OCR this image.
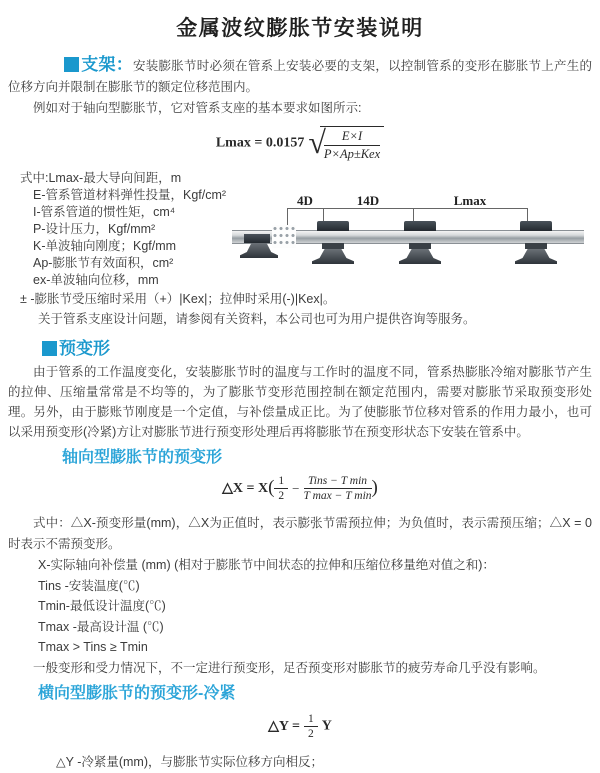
金属波纹膨胀节安装说明

支架：安装膨胀节时必须在管系上安装必要的支架，以控制管系的变形在膨胀节上产生的位移方向并限制在膨胀节的额定位移范围内。

例如对于轴向型膨胀节，它对管系支座的基本要求如图所示:

Lmax = 0.0157 √
$\frac{E\times I}{\text{P×Ap±Kex}}$
式中:Lmax-最大导向间距，m
E-管系管道材料弹性投量，Kgf/cm²
I-管系管道的惯性矩，cm⁴
P-设计压力，Kgf/mm²
K-单波轴向刚度；Kgf/mm
Ap-膨胀节有效面积，cm²
ex-单波轴向位移，mm
± -膨胀节受压缩时采用（+）|Kex|；拉伸时采用(-)|Kex|。
关于管系支座设计问题，请参阅有关资料，本公司也可为用户提供咨询等服务。
4D	14D	Lmax
预变形

由于管系的工作温度变化，安装膨胀节时的温度与工作时的温度不同，管系热膨胀冷缩对膨胀节产生的拉伸、压缩量常常是不均等的，为了膨胀节变形范围控制在额定范围内，需要对膨胀节采取预变形处理。另外，由于膨账节刚度是一个定值，与补偿量成正比。为了使膨胀节位移对管系的作用力最小，也可以采用预变形(冷紧)方让对膨胀节进行预变形处理后再将膨胀节在预变形状态下安装在管系中。

轴向型膨胀节的预变形
△X = $X( \frac{1}{2} - \frac{\text{Tins − T min}}{\text{T max − T min}}$ )

式中：△X-预变形量(mm)，△X为正值时，表示膨张节需预拉伸；为负值时，表示需预压缩；△X = 0时表示不需预变形。

X-实际轴向补偿量 (mm) (相对于膨胀节中间状态的拉伸和压缩位移量绝对值之和)：
Tins -安装温度(℃)
Tmin-最低设计温度(℃)
Tmax -最高设计温 (℃)
Tmax > Tins ≥ Tmin

一般变形和受力情况下，不一定进行预变形，足否预变形对膨胀节的疲劳寿命几乎没有影响。

横向型膨胀节的预变形-冷紧
△Y = $\frac{1}{2}$ Y
△Y -冷紧量(mm)，与膨胀节实际位移方向相反；
